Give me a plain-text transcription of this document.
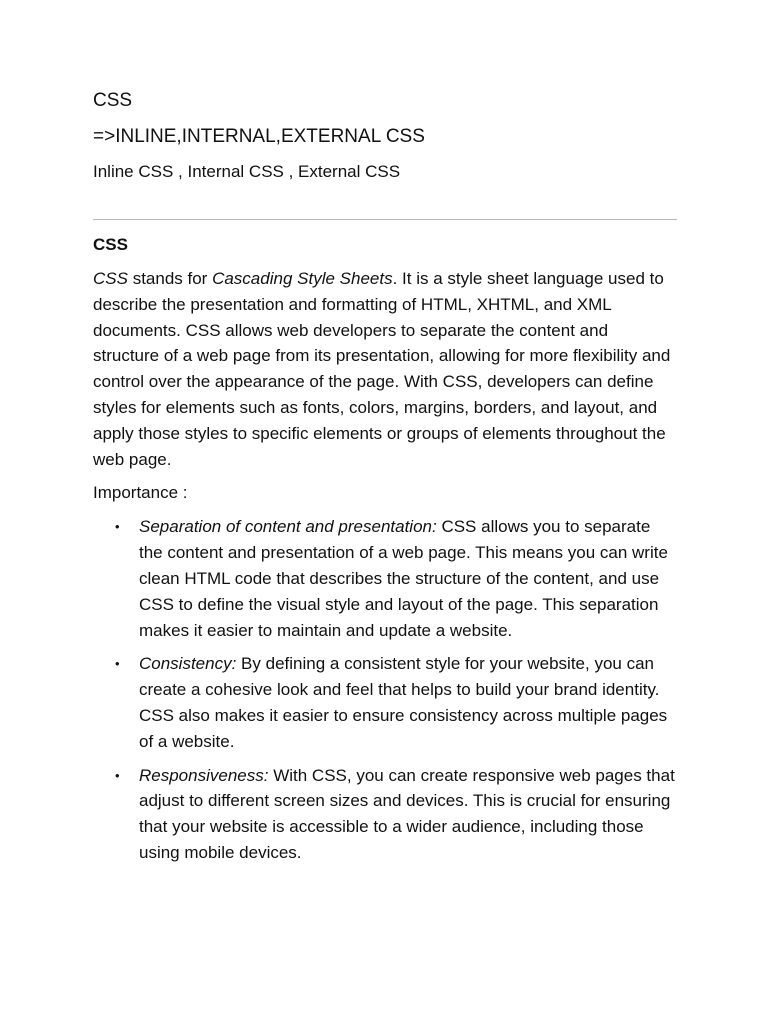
CSS

=>INLINE,INTERNAL,EXTERNAL CSS

Inline CSS , Internal CSS , External CSS

CSS

CSS stands for Cascading Style Sheets. It is a style sheet language used to describe the presentation and formatting of HTML, XHTML, and XML documents. CSS allows web developers to separate the content and structure of a web page from its presentation, allowing for more flexibility and control over the appearance of the page. With CSS, developers can define styles for elements such as fonts, colors, margins, borders, and layout, and apply those styles to specific elements or groups of elements throughout the web page.

Importance :

• Separation of content and presentation: CSS allows you to separate the content and presentation of a web page. This means you can write clean HTML code that describes the structure of the content, and use CSS to define the visual style and layout of the page. This separation makes it easier to maintain and update a website.
• Consistency: By defining a consistent style for your website, you can create a cohesive look and feel that helps to build your brand identity. CSS also makes it easier to ensure consistency across multiple pages of a website.
• Responsiveness: With CSS, you can create responsive web pages that adjust to different screen sizes and devices. This is crucial for ensuring that your website is accessible to a wider audience, including those using mobile devices.
